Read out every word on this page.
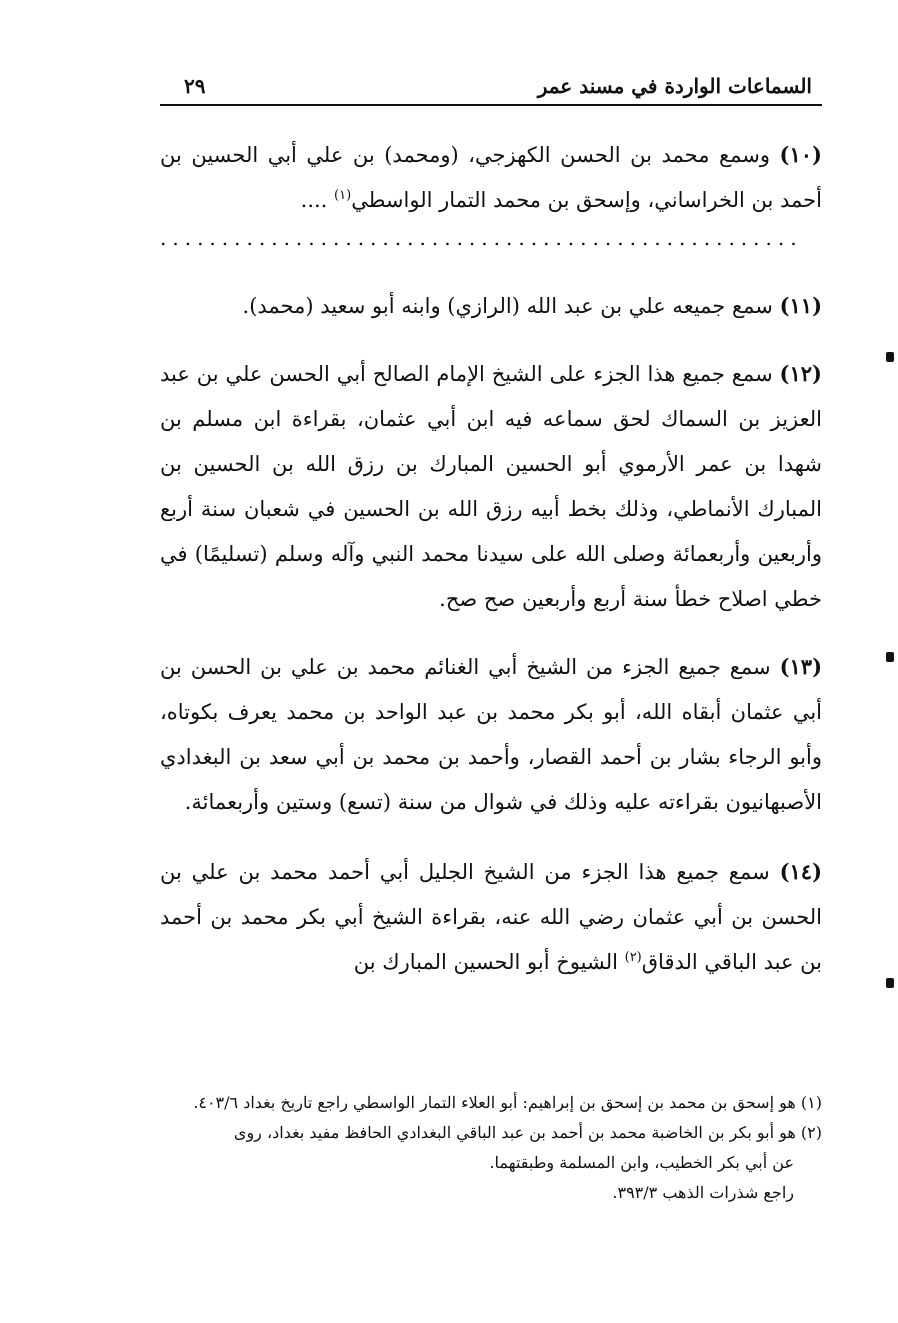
السماعات الواردة في مسند عمر
٢٩

(١٠) وسمع محمد بن الحسن الكهزجي، (ومحمد) بن علي أبي الحسين بن أحمد بن الخراساني، وإسحق بن محمد التمار الواسطي$^{(١)}$ ....

....................................................

(١١) سمع جميعه علي بن عبد الله (الرازي) وابنه أبو سعيد (محمد).

(١٢) سمع جميع هذا الجزء على الشيخ الإمام الصالح أبي الحسن علي بن عبد العزيز بن السماك لحق سماعه فيه ابن أبي عثمان، بقراءة ابن مسلم بن شهدا بن عمر الأرموي أبو الحسين المبارك بن رزق الله بن الحسين بن المبارك الأنماطي، وذلك بخط أبيه رزق الله بن الحسين في شعبان سنة أربع وأربعين وأربعمائة وصلى الله على سيدنا محمد النبي وآله وسلم (تسليمًا) في خطي اصلاح خطأ سنة أربع وأربعين صح صح.

(١٣) سمع جميع الجزء من الشيخ أبي الغنائم محمد بن علي بن الحسن بن أبي عثمان أبقاه الله، أبو بكر محمد بن عبد الواحد بن محمد يعرف بكوتاه، وأبو الرجاء بشار بن أحمد القصار، وأحمد بن محمد بن أبي سعد بن البغدادي الأصبهانيون بقراءته عليه وذلك في شوال من سنة (تسع) وستين وأربعمائة.

(١٤) سمع جميع هذا الجزء من الشيخ الجليل أبي أحمد محمد بن علي بن الحسن بن أبي عثمان رضي الله عنه، بقراءة الشيخ أبي بكر محمد بن أحمد بن عبد الباقي الدقاق$^{(٢)}$ الشيوخ أبو الحسين المبارك بن

(١) هو إسحق بن محمد بن إسحق بن إبراهيم: أبو العلاء التمار الواسطي راجع تاريخ بغداد ٤٠٣/٦.

(٢) هو أبو بكر بن الخاضبة محمد بن أحمد بن عبد الباقي البغدادي الحافظ مفيد بغداد، روى
عن أبي بكر الخطيب، وابن المسلمة وطبقتهما.
راجع شذرات الذهب ٣٩٣/٣.
